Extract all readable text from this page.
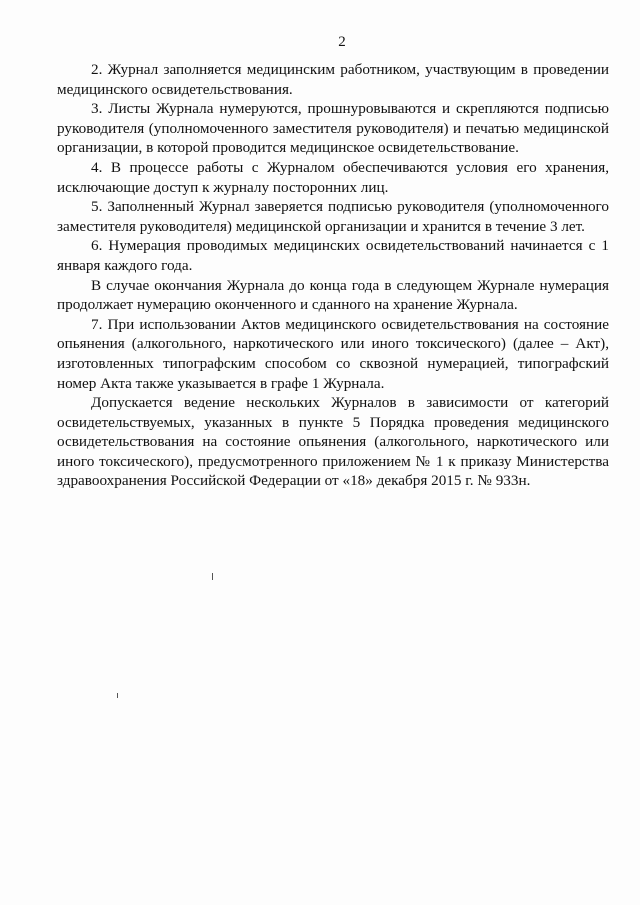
2

2. Журнал заполняется медицинским работником, участвующим в проведении медицинского освидетельствования.

3. Листы Журнала нумеруются, прошнуровываются и скрепляются подписью руководителя (уполномоченного заместителя руководителя) и печатью медицинской организации, в которой проводится медицинское освидетельствование.

4. В процессе работы с Журналом обеспечиваются условия его хранения, исключающие доступ к журналу посторонних лиц.

5. Заполненный Журнал заверяется подписью руководителя (уполномоченного заместителя руководителя) медицинской организации и хранится в течение 3 лет.

6. Нумерация проводимых медицинских освидетельствований начинается с 1 января каждого года.

В случае окончания Журнала до конца года в следующем Журнале нумерация продолжает нумерацию оконченного и сданного на хранение Журнала.

7. При использовании Актов медицинского освидетельствования на состояние опьянения (алкогольного, наркотического или иного токсического) (далее – Акт), изготовленных типографским способом со сквозной нумерацией, типографский номер Акта также указывается в графе 1 Журнала.

Допускается ведение нескольких Журналов в зависимости от категорий освидетельствуемых, указанных в пункте 5 Порядка проведения медицинского освидетельствования на состояние опьянения (алкогольного, наркотического или иного токсического), предусмотренного приложением № 1 к приказу Министерства здравоохранения Российской Федерации от «18» декабря 2015 г. № 933н.
